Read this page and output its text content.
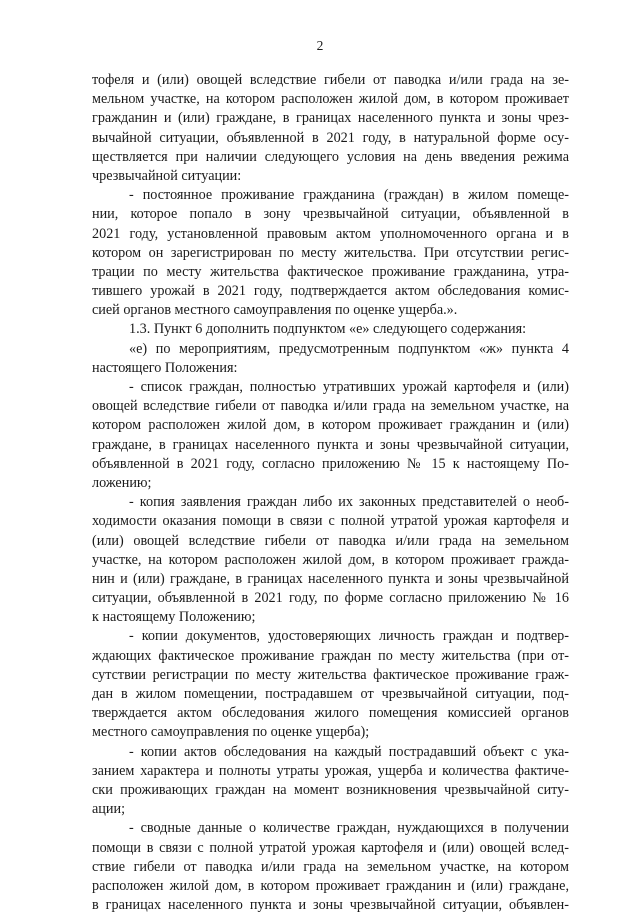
2
тофеля и (или) овощей вследствие гибели от паводка и/или града на зе-
мельном участке, на котором расположен жилой дом, в котором проживает
гражданин и (или) граждане, в границах населенного пункта и зоны чрез-
вычайной ситуации, объявленной в 2021 году, в натуральной форме осу-
ществляется при наличии следующего условия на день введения режима
чрезвычайной ситуации:
- постоянное проживание гражданина (граждан) в жилом помеще-
нии, которое попало в зону чрезвычайной ситуации, объявленной в
2021 году, установленной правовым актом уполномоченного органа и в
котором он зарегистрирован по месту жительства. При отсутствии регис-
трации по месту жительства фактическое проживание гражданина, утра-
тившего урожай в 2021 году, подтверждается актом обследования комис-
сией органов местного самоуправления по оценке ущерба.».
1.3. Пункт 6 дополнить подпунктом «е» следующего содержания:
«е) по мероприятиям, предусмотренным подпунктом «ж» пункта 4
настоящего Положения:
- список граждан, полностью утративших урожай картофеля и (или)
овощей вследствие гибели от паводка и/или града на земельном участке, на
котором расположен жилой дом, в котором проживает гражданин и (или)
граждане, в границах населенного пункта и зоны чрезвычайной ситуации,
объявленной в 2021 году, согласно приложению № 15 к настоящему По-
ложению;
- копия заявления граждан либо их законных представителей о необ-
ходимости оказания помощи в связи с полной утратой урожая картофеля и
(или) овощей вследствие гибели от паводка и/или града на земельном
участке, на котором расположен жилой дом, в котором проживает гражда-
нин и (или) граждане, в границах населенного пункта и зоны чрезвычайной
ситуации, объявленной в 2021 году, по форме согласно приложению № 16
к настоящему Положению;
- копии документов, удостоверяющих личность граждан и подтвер-
ждающих фактическое проживание граждан по месту жительства (при от-
сутствии регистрации по месту жительства фактическое проживание граж-
дан в жилом помещении, пострадавшем от чрезвычайной ситуации, под-
тверждается актом обследования жилого помещения комиссией органов
местного самоуправления по оценке ущерба);
- копии актов обследования на каждый пострадавший объект с ука-
занием характера и полноты утраты урожая, ущерба и количества фактиче-
ски проживающих граждан на момент возникновения чрезвычайной ситу-
ации;
- сводные данные о количестве граждан, нуждающихся в получении
помощи в связи с полной утратой урожая картофеля и (или) овощей вслед-
ствие гибели от паводка и/или града на земельном участке, на котором
расположен жилой дом, в котором проживает гражданин и (или) граждане,
в границах населенного пункта и зоны чрезвычайной ситуации, объявлен-
